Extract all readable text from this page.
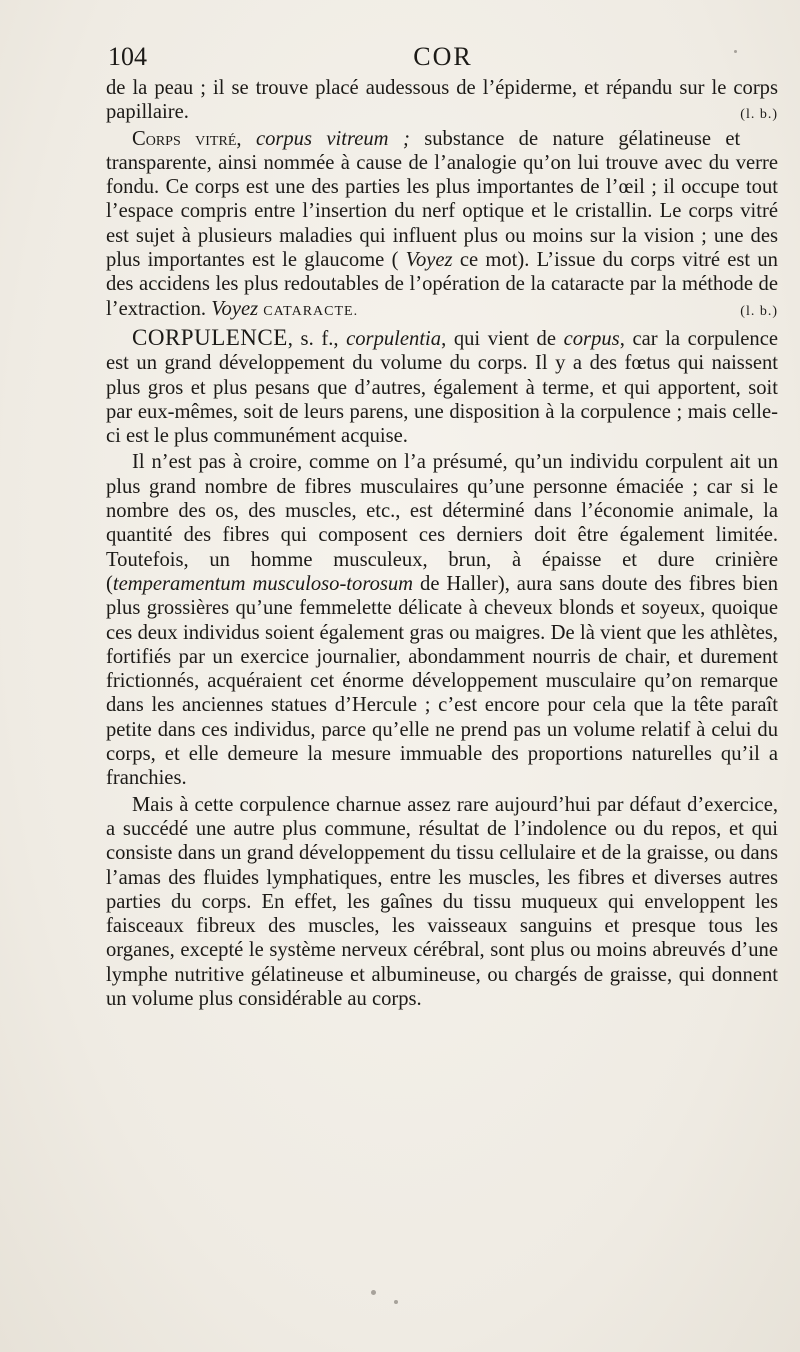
104	COR

de la peau ; il se trouve placé audessous de l’épiderme, et répandu sur le corps papillaire.	(l. b.)

Corps vitré, corpus vitreum ; substance de nature gélatineuse et transparente, ainsi nommée à cause de l’analogie qu’on lui trouve avec du verre fondu. Ce corps est une des parties les plus importantes de l’œil ; il occupe tout l’espace compris entre l’insertion du nerf optique et le cristallin. Le corps vitré est sujet à plusieurs maladies qui influent plus ou moins sur la vision ; une des plus importantes est le glaucome ( Voyez ce mot). L’issue du corps vitré est un des accidens les plus redoutables de l’opération de la cataracte par la méthode de l’extraction. Voyez CATARACTE.	(l. b.)

CORPULENCE, s. f., corpulentia, qui vient de corpus, car la corpulence est un grand développement du volume du corps. Il y a des fœtus qui naissent plus gros et plus pesans que d’autres, également à terme, et qui apportent, soit par eux-mêmes, soit de leurs parens, une disposition à la corpulence ; mais celle-ci est le plus communément acquise.

Il n’est pas à croire, comme on l’a présumé, qu’un individu corpulent ait un plus grand nombre de fibres musculaires qu’une personne émaciée ; car si le nombre des os, des muscles, etc., est déterminé dans l’économie animale, la quantité des fibres qui composent ces derniers doit être également limitée. Toutefois, un homme musculeux, brun, à épaisse et dure crinière (temperamentum musculoso-torosum de Haller), aura sans doute des fibres bien plus grossières qu’une femmelette délicate à cheveux blonds et soyeux, quoique ces deux individus soient également gras ou maigres. De là vient que les athlètes, fortifiés par un exercice journalier, abondamment nourris de chair, et durement frictionnés, acquéraient cet énorme développement musculaire qu’on remarque dans les anciennes statues d’Hercule ; c’est encore pour cela que la tête paraît petite dans ces individus, parce qu’elle ne prend pas un volume relatif à celui du corps, et elle demeure la mesure immuable des proportions naturelles qu’il a franchies.

Mais à cette corpulence charnue assez rare aujourd’hui par défaut d’exercice, a succédé une autre plus commune, résultat de l’indolence ou du repos, et qui consiste dans un grand développement du tissu cellulaire et de la graisse, ou dans l’amas des fluides lymphatiques, entre les muscles, les fibres et diverses autres parties du corps. En effet, les gaînes du tissu muqueux qui enveloppent les faisceaux fibreux des muscles, les vaisseaux sanguins et presque tous les organes, excepté le système nerveux cérébral, sont plus ou moins abreuvés d’une lymphe nutritive gélatineuse et albumineuse, ou chargés de graisse, qui donnent un volume plus considérable au corps.
